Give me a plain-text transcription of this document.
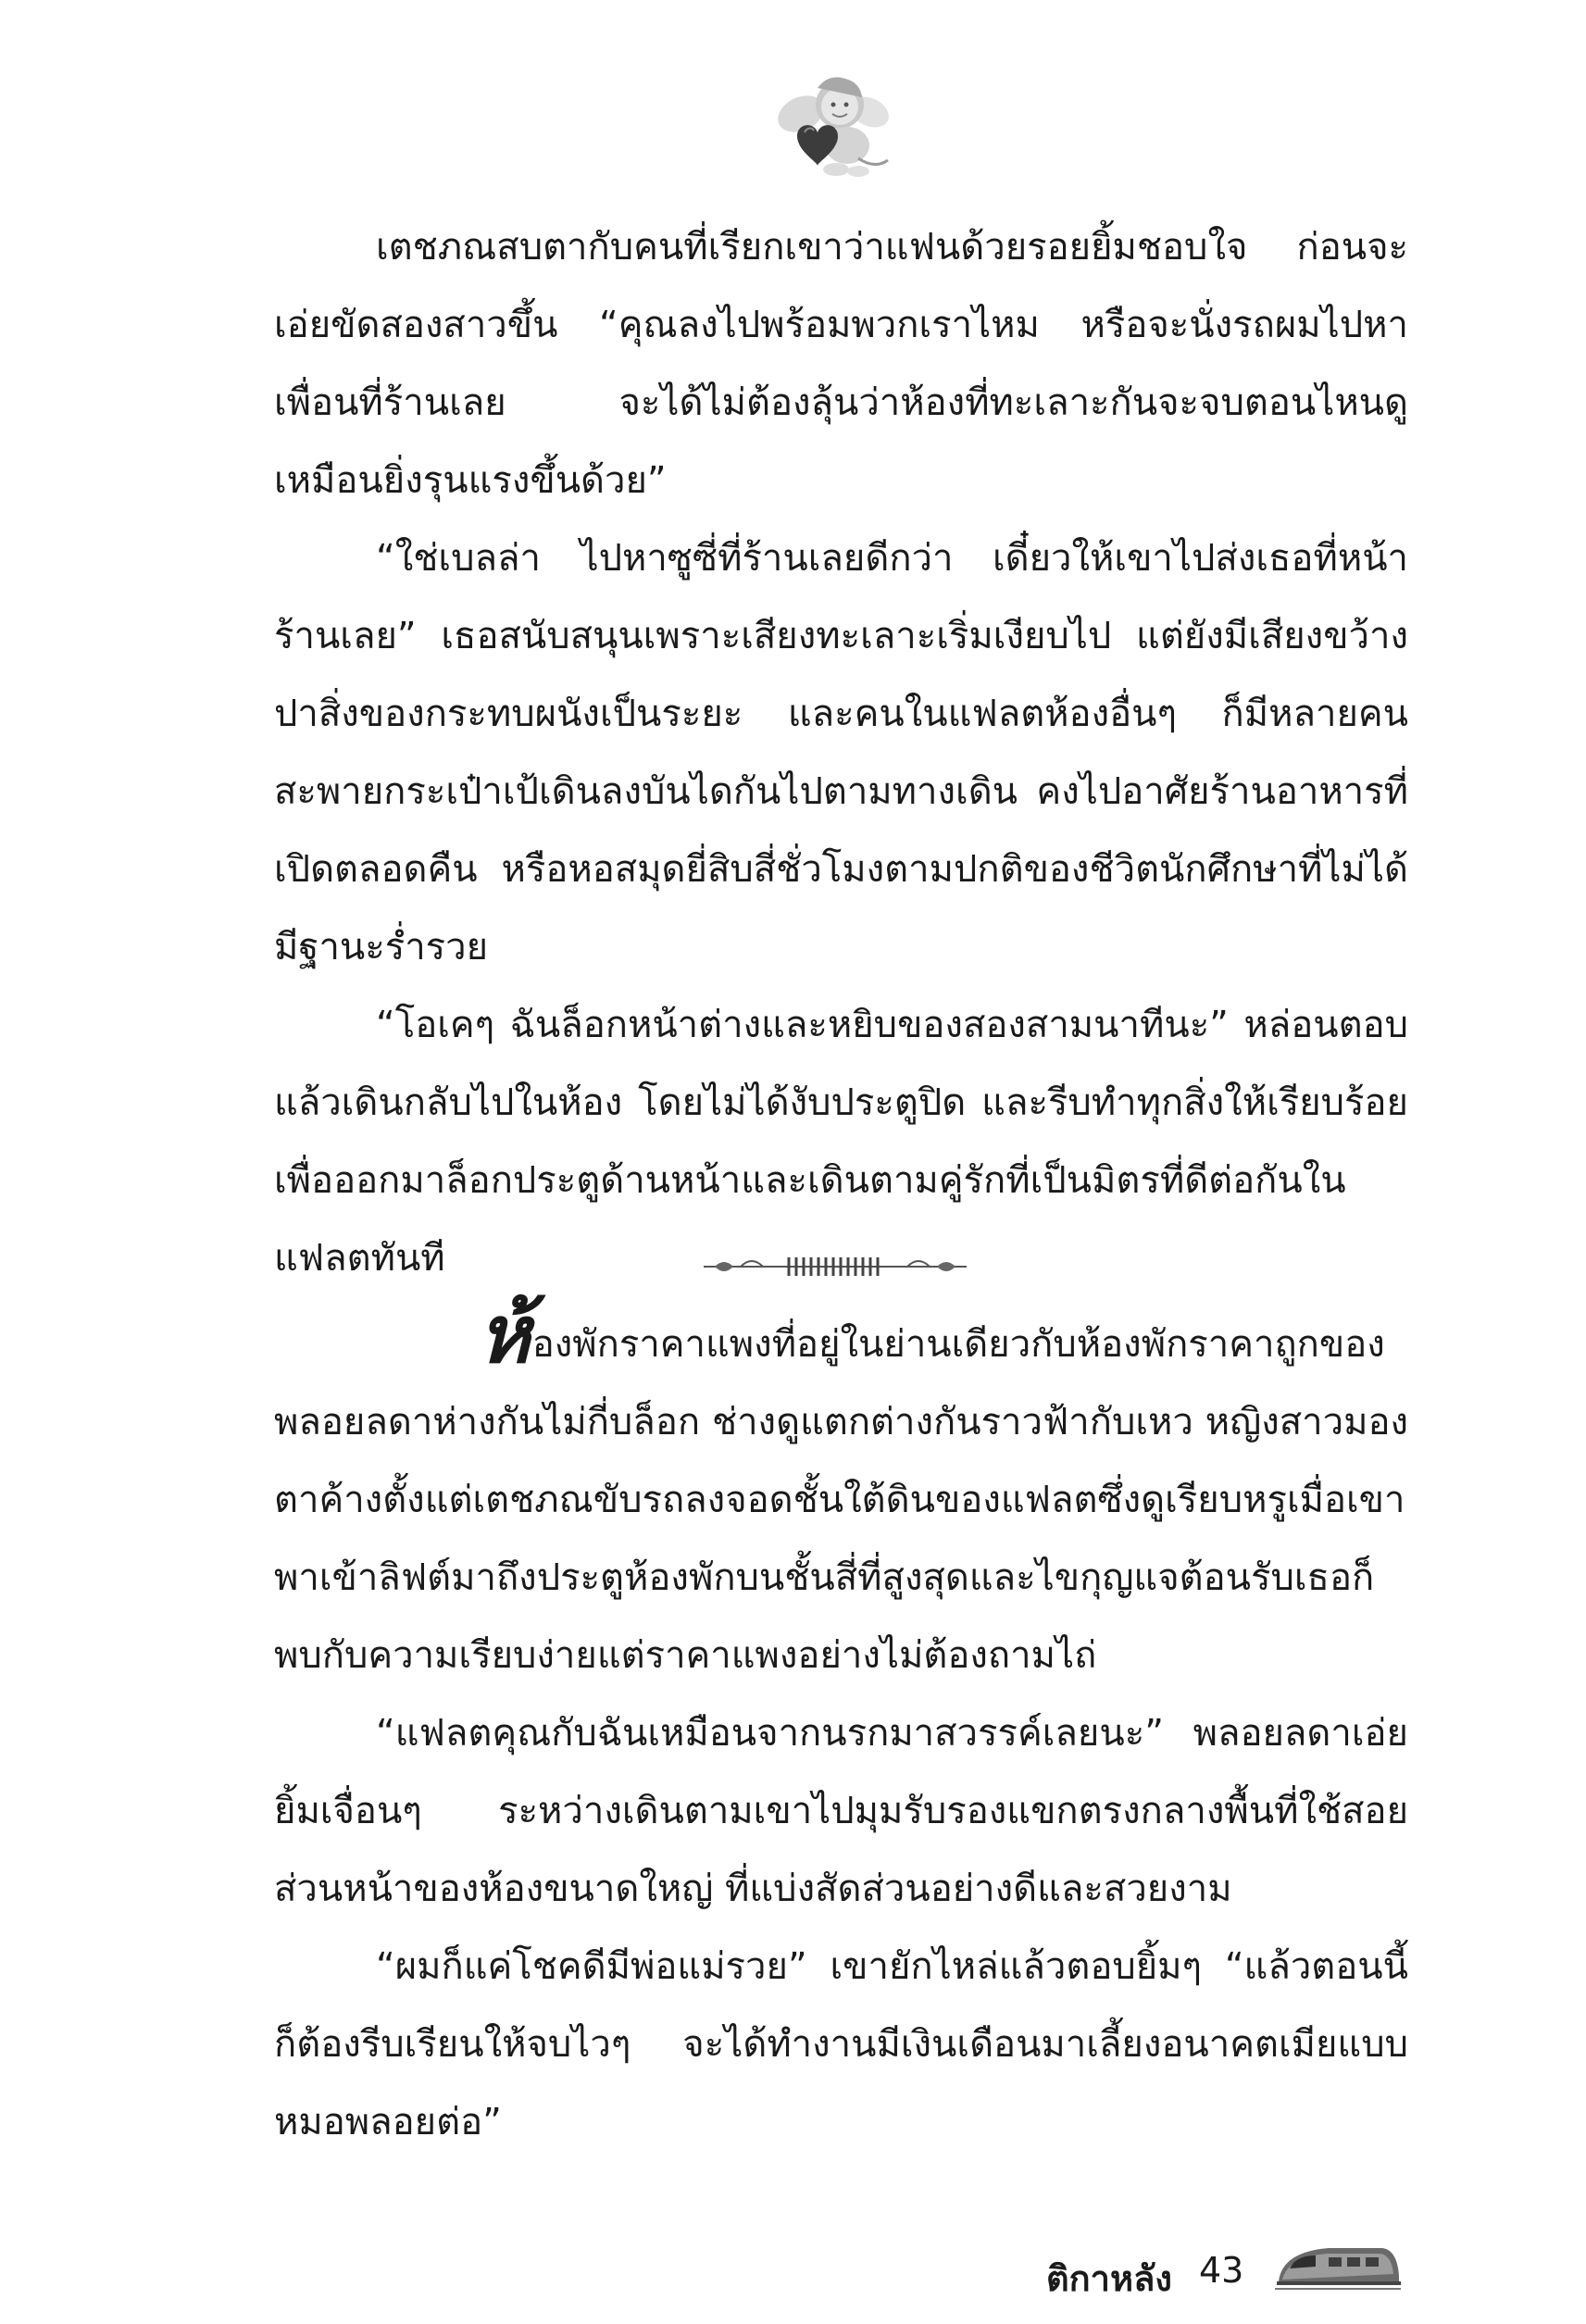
เตชภณสบตากับคนที่เรียกเขาว่าแฟนด้วยรอยยิ้มชอบใจ ก่อนจะเอ่ยขัดสองสาวขึ้น “คุณลงไปพร้อมพวกเราไหม หรือจะนั่งรถผมไปหาเพื่อนที่ร้านเลย จะได้ไม่ต้องลุ้นว่าห้องที่ทะเลาะกันจะจบตอนไหนดูเหมือนยิ่งรุนแรงขึ้นด้วย”

“ใช่เบลล่า ไปหาซูซี่ที่ร้านเลยดีกว่า เดี๋ยวให้เขาไปส่งเธอที่หน้าร้านเลย” เธอสนับสนุนเพราะเสียงทะเลาะเริ่มเงียบไป แต่ยังมีเสียงขว้างปาสิ่งของกระทบผนังเป็นระยะ และคนในแฟลตห้องอื่นๆ ก็มีหลายคนสะพายกระเป๋าเป้เดินลงบันไดกันไปตามทางเดิน คงไปอาศัยร้านอาหารที่เปิดตลอดคืน หรือหอสมุดยี่สิบสี่ชั่วโมงตามปกติของชีวิตนักศึกษาที่ไม่ได้มีฐานะร่ำรวย

“โอเคๆ ฉันล็อกหน้าต่างและหยิบของสองสามนาทีนะ” หล่อนตอบแล้วเดินกลับไปในห้อง โดยไม่ได้งับประตูปิด และรีบทำทุกสิ่งให้เรียบร้อย เพื่อออกมาล็อกประตูด้านหน้าและเดินตามคู่รักที่เป็นมิตรที่ดีต่อกันในแฟลตทันที

ห้องพักราคาแพงที่อยู่ในย่านเดียวกับห้องพักราคาถูกของพลอยลดาห่างกันไม่กี่บล็อก ช่างดูแตกต่างกันราวฟ้ากับเหว หญิงสาวมองตาค้างตั้งแต่เตชภณขับรถลงจอดชั้นใต้ดินของแฟลตซึ่งดูเรียบหรูเมื่อเขาพาเข้าลิฟต์มาถึงประตูห้องพักบนชั้นสี่ที่สูงสุดและไขกุญแจต้อนรับเธอก็พบกับความเรียบง่ายแต่ราคาแพงอย่างไม่ต้องถามไถ่

“แฟลตคุณกับฉันเหมือนจากนรกมาสวรรค์เลยนะ” พลอยลดาเอ่ยยิ้มเจื่อนๆ ระหว่างเดินตามเขาไปมุมรับรองแขกตรงกลางพื้นที่ใช้สอยส่วนหน้าของห้องขนาดใหญ่ ที่แบ่งสัดส่วนอย่างดีและสวยงาม

“ผมก็แค่โชคดีมีพ่อแม่รวย” เขายักไหล่แล้วตอบยิ้มๆ “แล้วตอนนี้ก็ต้องรีบเรียนให้จบไวๆ จะได้ทำงานมีเงินเดือนมาเลี้ยงอนาคตเมียแบบหมอพลอยต่อ”

ติกาหลัง 43
